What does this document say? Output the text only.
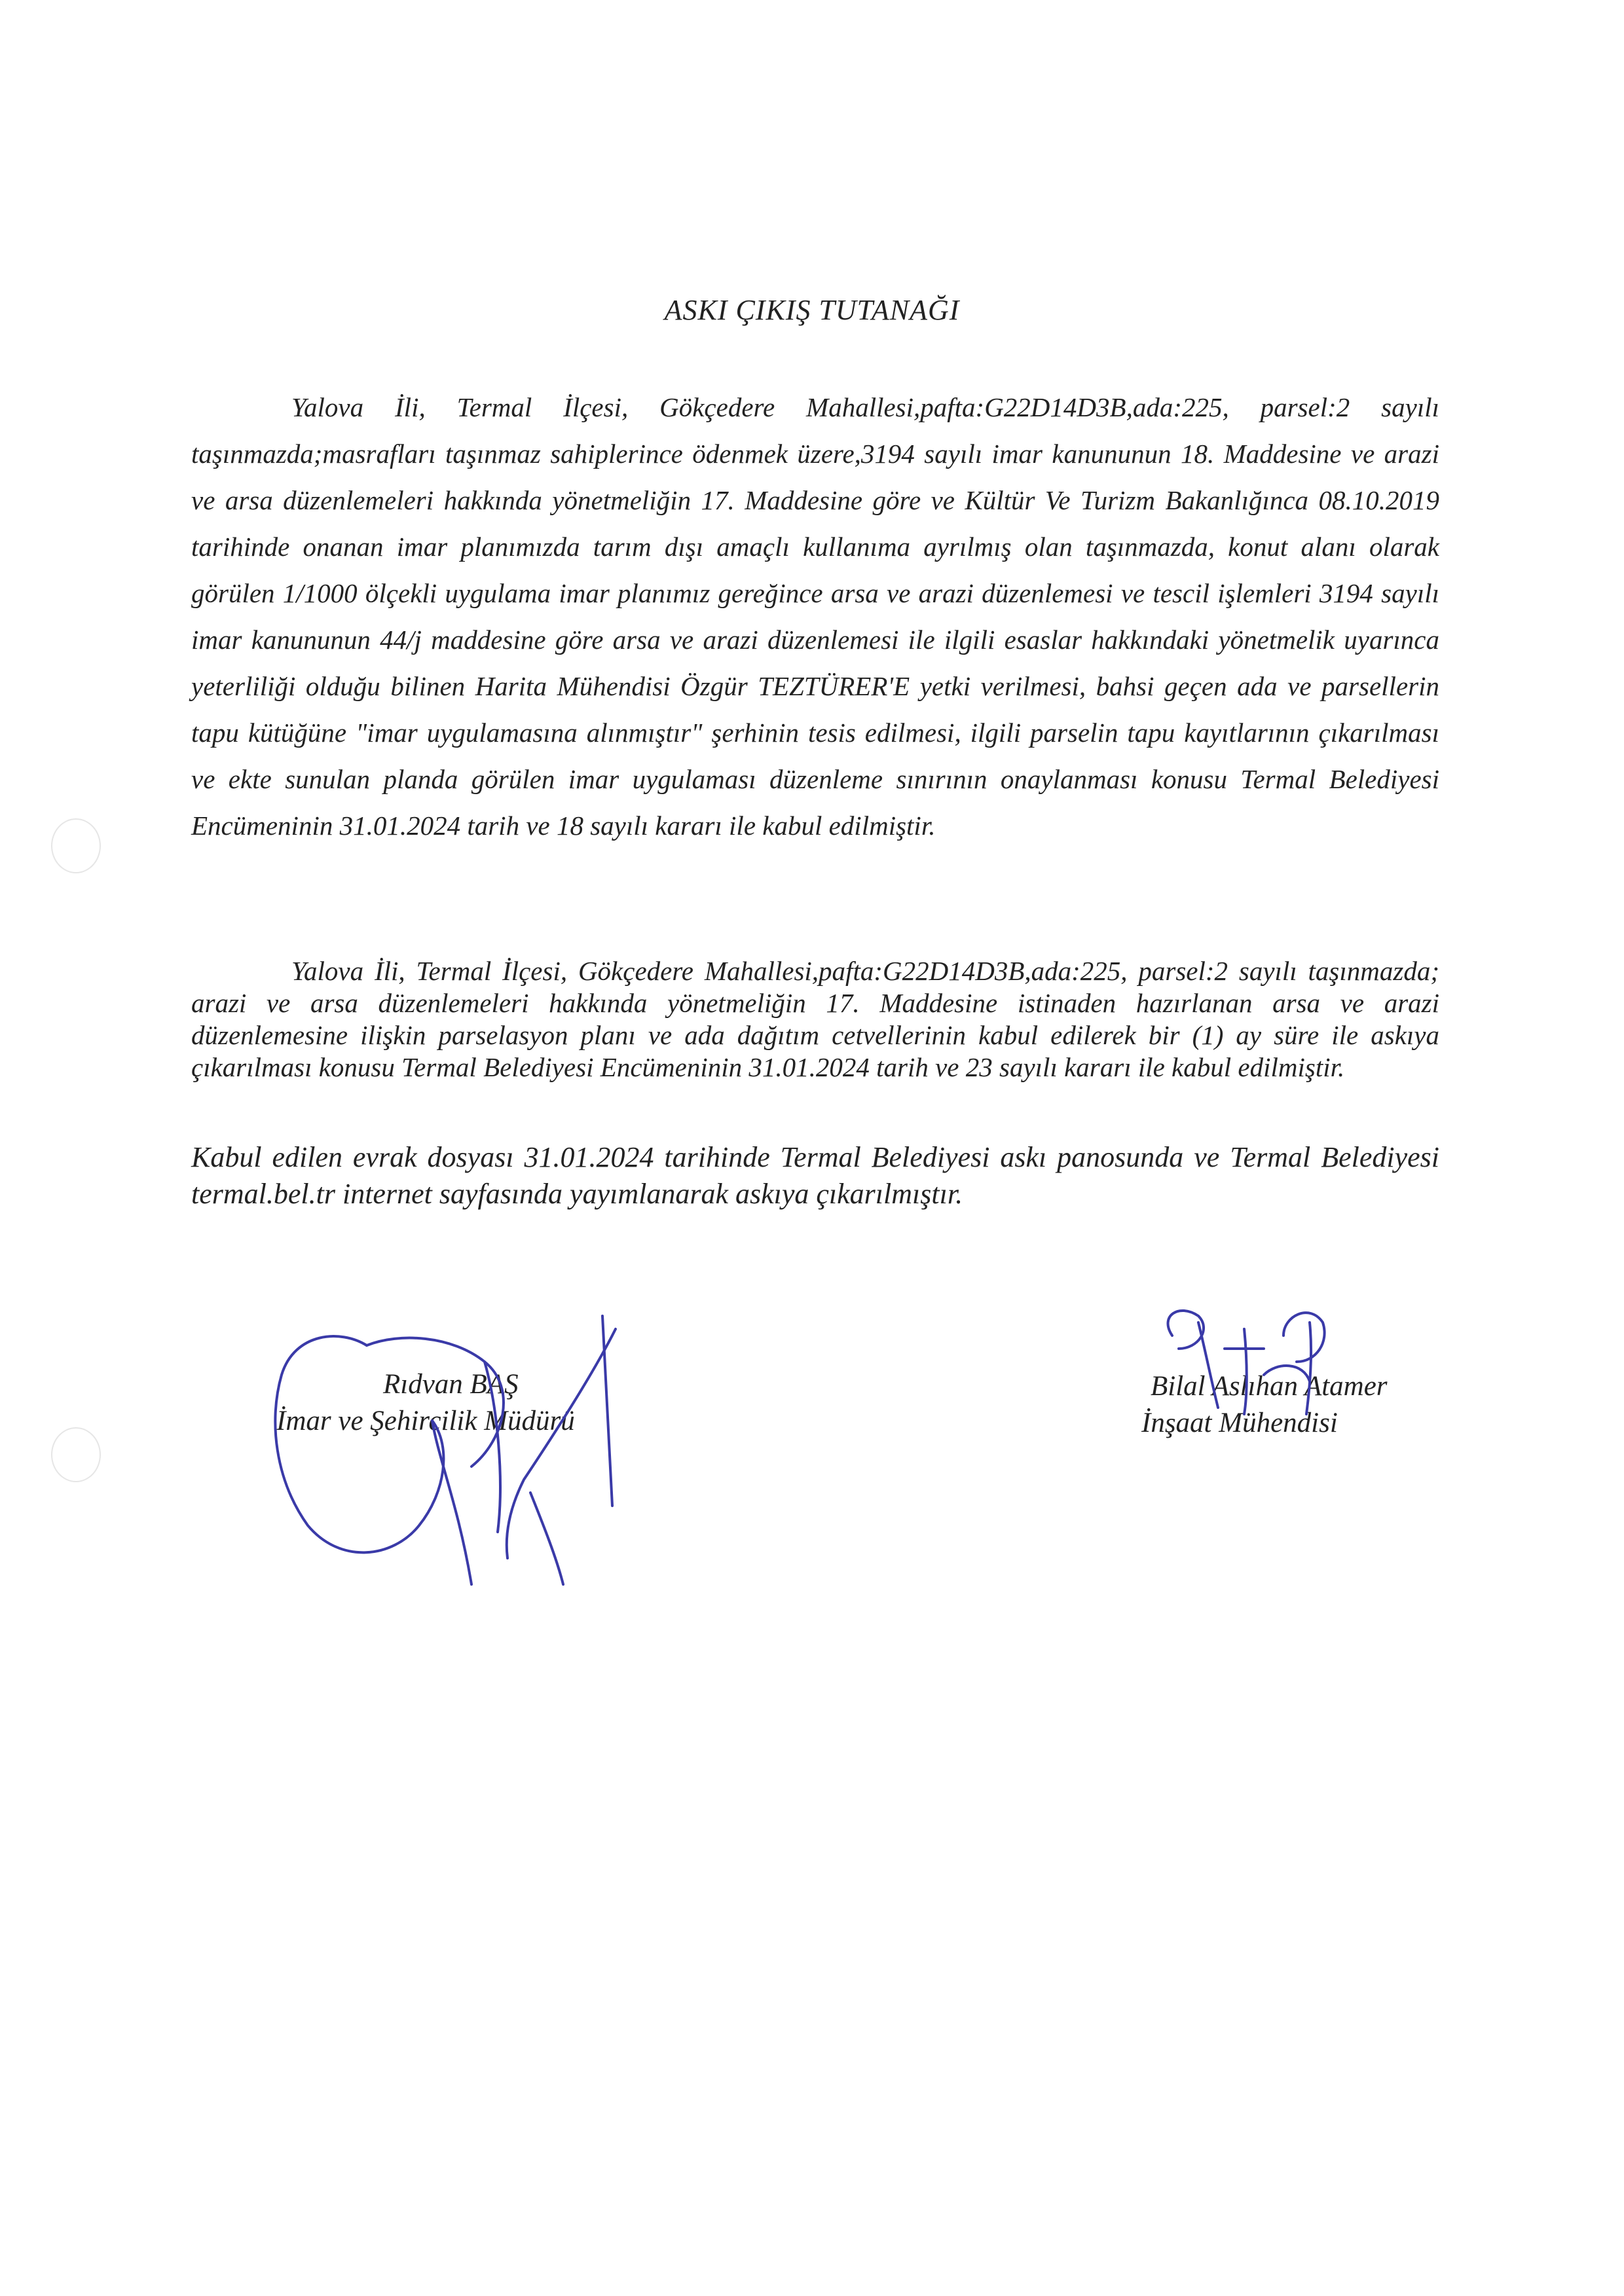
ASKI ÇIKIŞ TUTANAĞI
Yalova İli, Termal İlçesi, Gökçedere Mahallesi,pafta:G22D14D3B,ada:225, parsel:2 sayılı taşınmazda;masrafları taşınmaz sahiplerince ödenmek üzere,3194 sayılı imar kanununun 18. Maddesine ve arazi ve arsa düzenlemeleri hakkında yönetmeliğin 17. Maddesine göre ve Kültür Ve Turizm Bakanlığınca 08.10.2019 tarihinde onanan imar planımızda tarım dışı amaçlı kullanıma ayrılmış olan taşınmazda, konut alanı olarak görülen 1/1000 ölçekli uygulama imar planımız gereğince arsa ve arazi düzenlemesi ve tescil işlemleri 3194 sayılı imar kanununun 44/j maddesine göre arsa ve arazi düzenlemesi ile ilgili esaslar hakkındaki yönetmelik uyarınca yeterliliği olduğu bilinen Harita Mühendisi Özgür TEZTÜRER'E yetki verilmesi, bahsi geçen ada ve parsellerin tapu kütüğüne "imar uygulamasına alınmıştır" şerhinin tesis edilmesi, ilgili parselin tapu kayıtlarının çıkarılması ve ekte sunulan planda görülen imar uygulaması düzenleme sınırının onaylanması konusu Termal Belediyesi Encümeninin 31.01.2024 tarih ve 18 sayılı kararı ile kabul edilmiştir.
Yalova İli, Termal İlçesi, Gökçedere Mahallesi,pafta:G22D14D3B,ada:225, parsel:2 sayılı taşınmazda; arazi ve arsa düzenlemeleri hakkında yönetmeliğin 17. Maddesine istinaden hazırlanan arsa ve arazi düzenlemesine ilişkin parselasyon planı ve ada dağıtım cetvellerinin kabul edilerek bir (1) ay süre ile askıya çıkarılması konusu Termal Belediyesi Encümeninin 31.01.2024 tarih ve 23 sayılı kararı ile kabul edilmiştir.
Kabul edilen evrak dosyası 31.01.2024 tarihinde Termal Belediyesi askı panosunda ve Termal Belediyesi termal.bel.tr internet sayfasında yayımlanarak askıya çıkarılmıştır.
Rıdvan BAŞ
İmar ve Şehircilik Müdürü
Bilal Aslıhan Atamer
İnşaat Mühendisi
